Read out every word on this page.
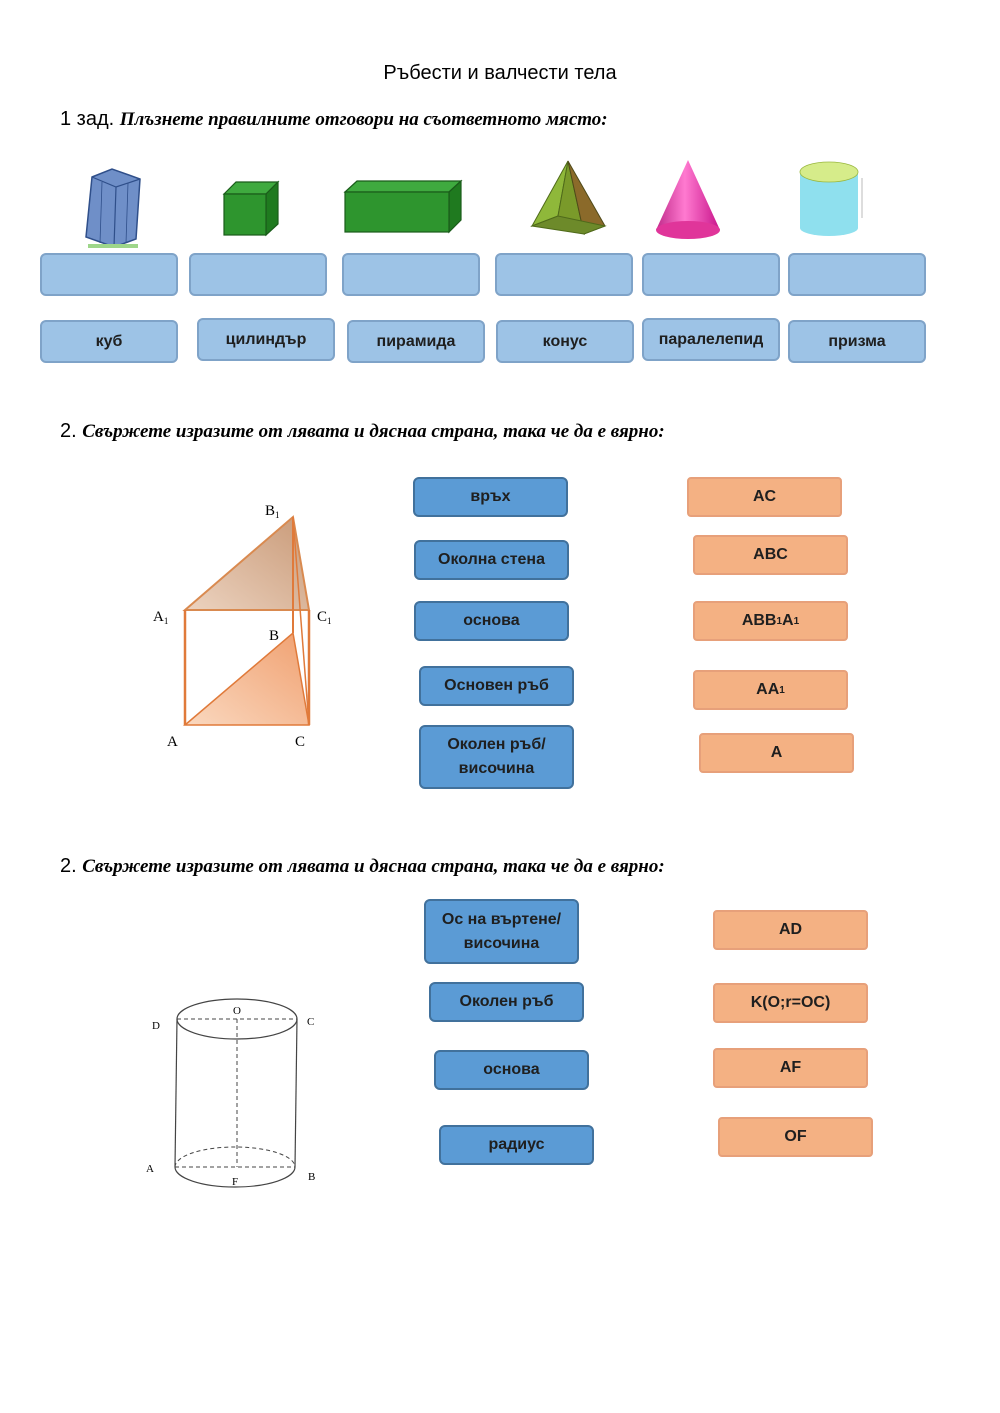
Ръбести и валчести тела
1 зад. Плъзнете правилните отговори на съответното място:
куб	цилиндър	пирамида	конус	паралелепид	призма
2. Свържете изразите от лявата и дяснаа страна, така че да е вярно:
$B_1$
$A_1$	$C_1$
B
A	C
връх
Околна стена
основа
Основен ръб
Околен ръб/ височина
AC
ABC
ABB 1 A 1
AA 1
A
2. Свържете изразите от лявата и дяснаа страна, така че да е вярно:
O
C
D
A
B
F
Ос на въртене/ височина
Околен ръб
основа
радиус
AD
K(O;r=OC)
AF
OF
